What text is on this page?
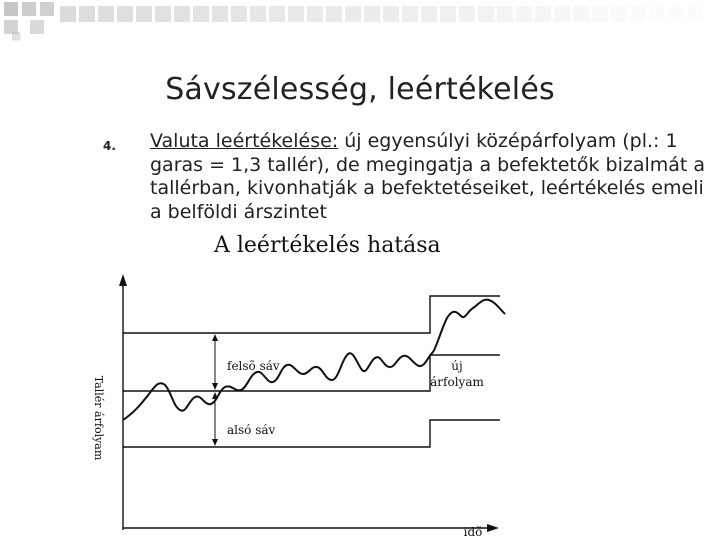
Sávszélesség, leértékelés
4. Valuta leértékelése: új egyensúlyi középárfolyam (pl.: 1 garas = 1,3 tallér), de megingatja a befektetők bizalmát a tallérban, kivonhatják a befektetéseiket, leértékelés emeli a belföldi árszintet
A leértékelés hatása
felsõ sáv
alsó sáv
új
árfolyam
idõ
Tallér árfolyam
